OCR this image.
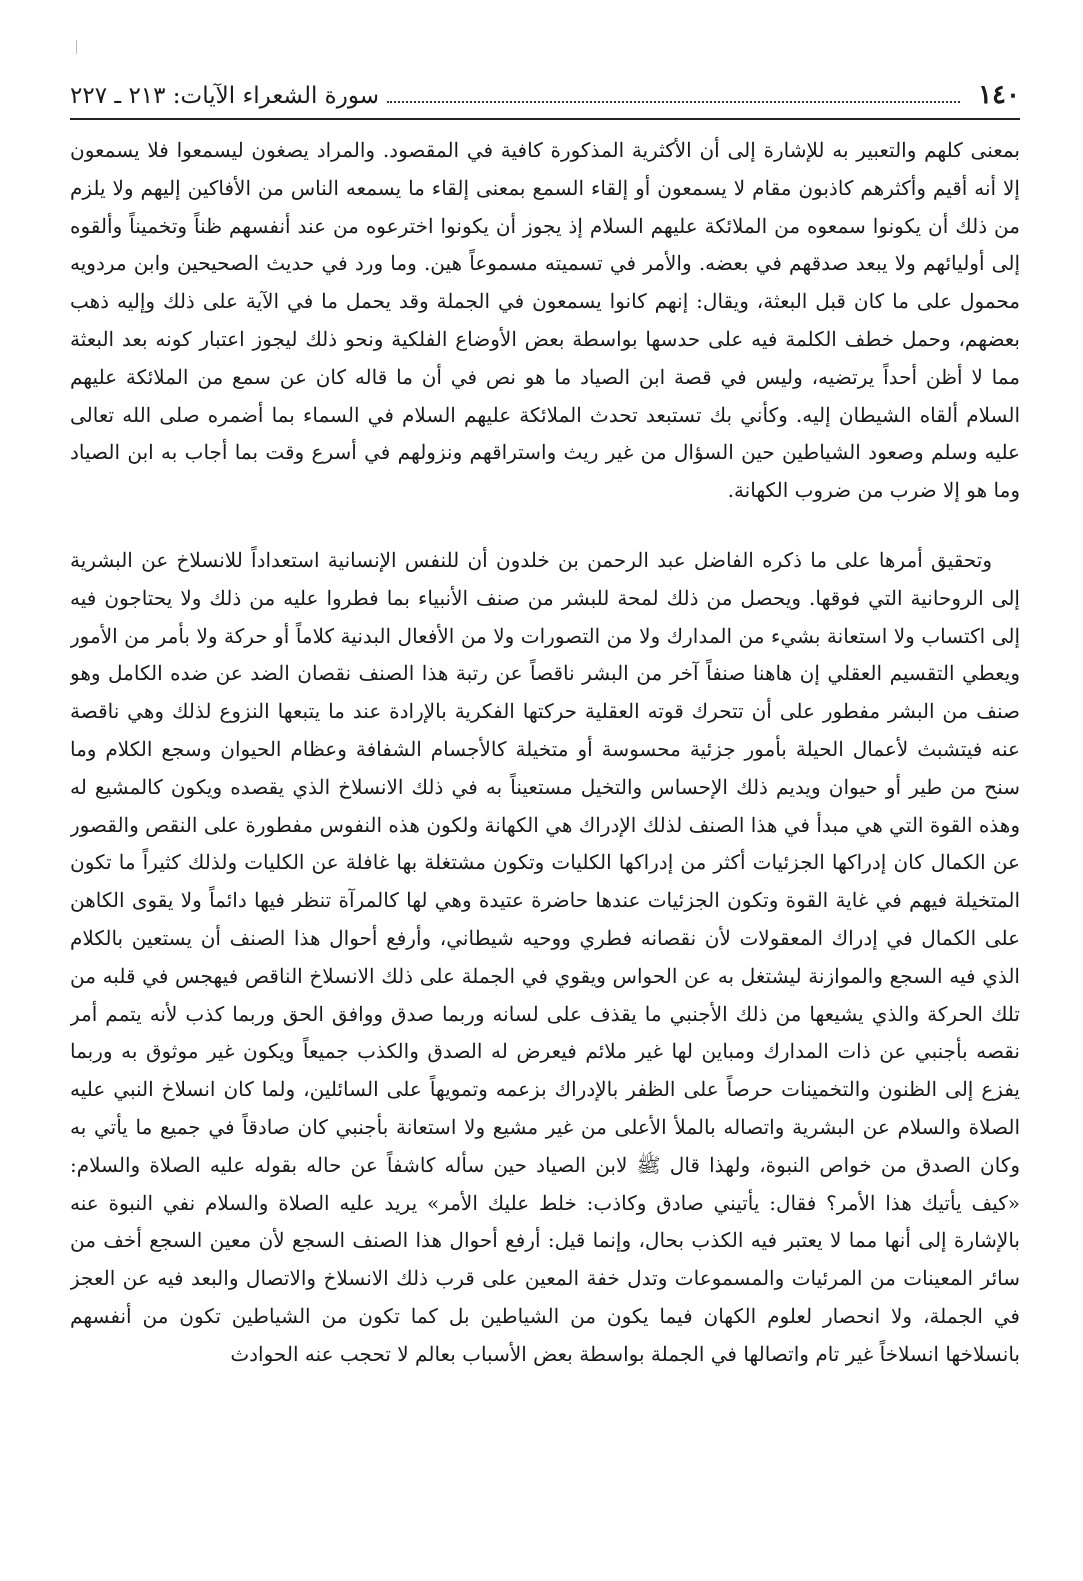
١٤٠
سورة الشعراء الآيات: ٢١٣ ـ ٢٢٧

بمعنى كلهم والتعبير به للإشارة إلى أن الأكثرية المذكورة كافية في المقصود. والمراد يصغون ليسمعوا فلا يسمعون إلا أنه أقيم وأكثرهم كاذبون مقام لا يسمعون أو إلقاء السمع بمعنى إلقاء ما يسمعه الناس من الأفاكين إليهم ولا يلزم من ذلك أن يكونوا سمعوه من الملائكة عليهم السلام إذ يجوز أن يكونوا اخترعوه من عند أنفسهم ظناً وتخميناً وألقوه إلى أوليائهم ولا يبعد صدقهم في بعضه. والأمر في تسميته مسموعاً هين. وما ورد في حديث الصحيحين وابن مردويه محمول على ما كان قبل البعثة، ويقال: إنهم كانوا يسمعون في الجملة وقد يحمل ما في الآية على ذلك وإليه ذهب بعضهم، وحمل خطف الكلمة فيه على حدسها بواسطة بعض الأوضاع الفلكية ونحو ذلك ليجوز اعتبار كونه بعد البعثة مما لا أظن أحداً يرتضيه، وليس في قصة ابن الصياد ما هو نص في أن ما قاله كان عن سمع من الملائكة عليهم السلام ألقاه الشيطان إليه. وكأني بك تستبعد تحدث الملائكة عليهم السلام في السماء بما أضمره صلى الله تعالى عليه وسلم وصعود الشياطين حين السؤال من غير ريث واستراقهم ونزولهم في أسرع وقت بما أجاب به ابن الصياد وما هو إلا ضرب من ضروب الكهانة.

وتحقيق أمرها على ما ذكره الفاضل عبد الرحمن بن خلدون أن للنفس الإنسانية استعداداً للانسلاخ عن البشرية إلى الروحانية التي فوقها. ويحصل من ذلك لمحة للبشر من صنف الأنبياء بما فطروا عليه من ذلك ولا يحتاجون فيه إلى اكتساب ولا استعانة بشيء من المدارك ولا من التصورات ولا من الأفعال البدنية كلاماً أو حركة ولا بأمر من الأمور ويعطي التقسيم العقلي إن هاهنا صنفاً آخر من البشر ناقصاً عن رتبة هذا الصنف نقصان الضد عن ضده الكامل وهو صنف من البشر مفطور على أن تتحرك قوته العقلية حركتها الفكرية بالإرادة عند ما يتبعها النزوع لذلك وهي ناقصة عنه فيتشبث لأعمال الحيلة بأمور جزئية محسوسة أو متخيلة كالأجسام الشفافة وعظام الحيوان وسجع الكلام وما سنح من طير أو حيوان ويديم ذلك الإحساس والتخيل مستعيناً به في ذلك الانسلاخ الذي يقصده ويكون كالمشيع له وهذه القوة التي هي مبدأ في هذا الصنف لذلك الإدراك هي الكهانة ولكون هذه النفوس مفطورة على النقص والقصور عن الكمال كان إدراكها الجزئيات أكثر من إدراكها الكليات وتكون مشتغلة بها غافلة عن الكليات ولذلك كثيراً ما تكون المتخيلة فيهم في غاية القوة وتكون الجزئيات عندها حاضرة عتيدة وهي لها كالمرآة تنظر فيها دائماً ولا يقوى الكاهن على الكمال في إدراك المعقولات لأن نقصانه فطري ووحيه شيطاني، وأرفع أحوال هذا الصنف أن يستعين بالكلام الذي فيه السجع والموازنة ليشتغل به عن الحواس ويقوي في الجملة على ذلك الانسلاخ الناقص فيهجس في قلبه من تلك الحركة والذي يشيعها من ذلك الأجنبي ما يقذف على لسانه وربما صدق ووافق الحق وربما كذب لأنه يتمم أمر نقصه بأجنبي عن ذات المدارك ومباين لها غير ملائم فيعرض له الصدق والكذب جميعاً ويكون غير موثوق به وربما يفزع إلى الظنون والتخمينات حرصاً على الظفر بالإدراك بزعمه وتمويهاً على السائلين، ولما كان انسلاخ النبي عليه الصلاة والسلام عن البشرية واتصاله بالملأ الأعلى من غير مشيع ولا استعانة بأجنبي كان صادقاً في جميع ما يأتي به وكان الصدق من خواص النبوة، ولهذا قال ﷺ لابن الصياد حين سأله كاشفاً عن حاله بقوله عليه الصلاة والسلام: «كيف يأتيك هذا الأمر؟ فقال: يأتيني صادق وكاذب: خلط عليك الأمر» يريد عليه الصلاة والسلام نفي النبوة عنه بالإشارة إلى أنها مما لا يعتبر فيه الكذب بحال، وإنما قيل: أرفع أحوال هذا الصنف السجع لأن معين السجع أخف من سائر المعينات من المرئيات والمسموعات وتدل خفة المعين على قرب ذلك الانسلاخ والاتصال والبعد فيه عن العجز في الجملة، ولا انحصار لعلوم الكهان فيما يكون من الشياطين بل كما تكون من الشياطين تكون من أنفسهم بانسلاخها انسلاخاً غير تام واتصالها في الجملة بواسطة بعض الأسباب بعالم لا تحجب عنه الحوادث
